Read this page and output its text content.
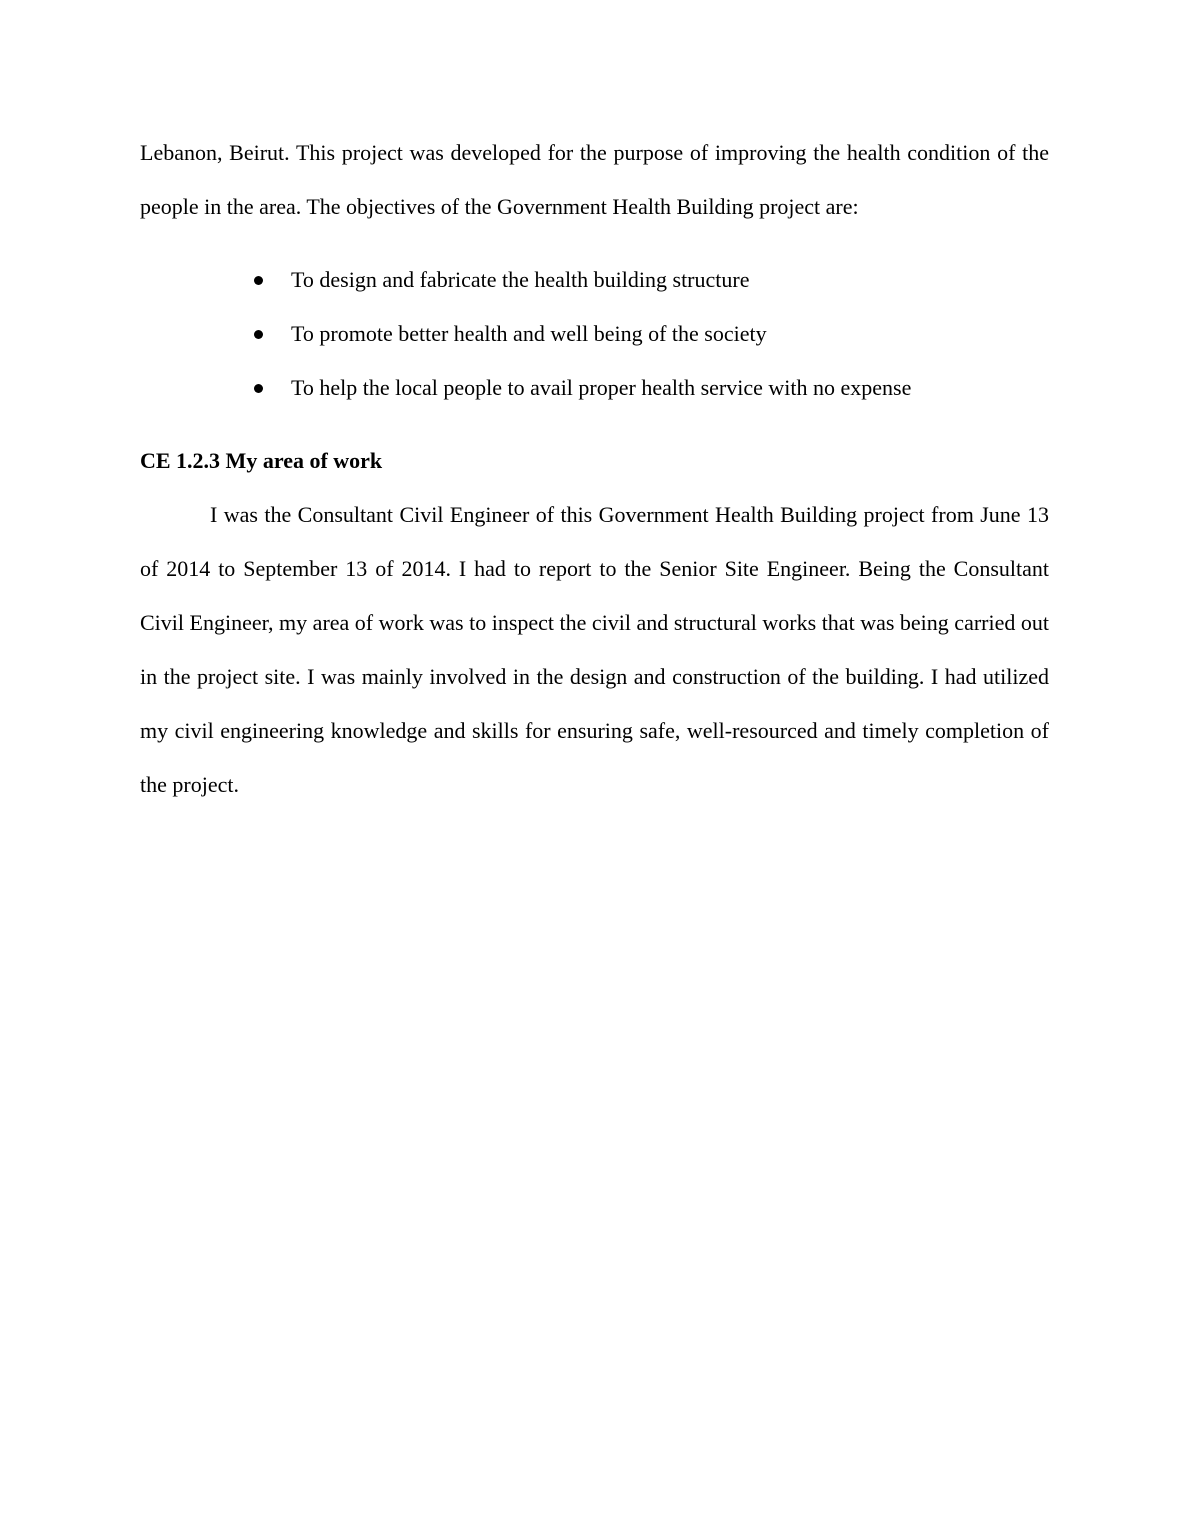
Lebanon, Beirut. This project was developed for the purpose of improving the health condition of the people in the area. The objectives of the Government Health Building project are:

To design and fabricate the health building structure
To promote better health and well being of the society
To help the local people to avail proper health service with no expense
CE 1.2.3 My area of work

I was the Consultant Civil Engineer of this Government Health Building project from June 13 of 2014 to September 13 of 2014. I had to report to the Senior Site Engineer. Being the Consultant Civil Engineer, my area of work was to inspect the civil and structural works that was being carried out in the project site. I was mainly involved in the design and construction of the building. I had utilized my civil engineering knowledge and skills for ensuring safe, well-resourced and timely completion of the project.
